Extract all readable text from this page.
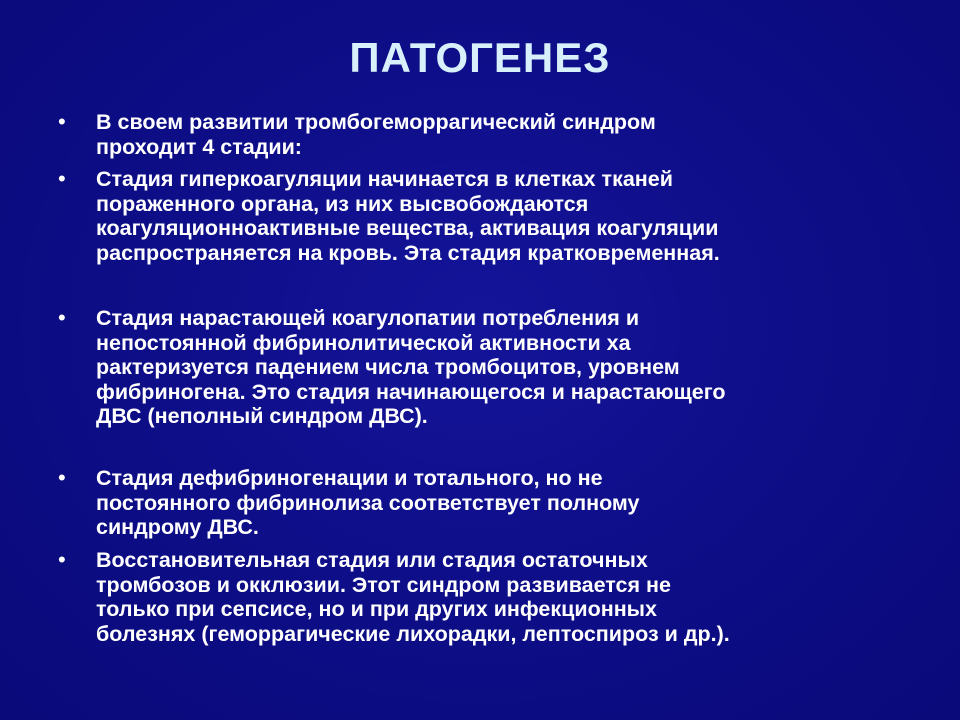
ПАТОГЕНЕЗ
• В своем развитии тромбогеморрагический синдром
проходит 4 стадии:
• Стадия гиперкоагуляции начинается в клетках тканей
пораженного органа, из них высвобождаются
коагуляционноактивные вещества, активация коагуляции
распространяется на кровь. Эта стадия кратковременная.
• Стадия нарастающей коагулопатии потребления и
непостоянной фибринолитической активности ха
рактеризуется падением числа тромбоцитов, уровнем
фибриногена. Это стадия начинающегося и нарастающего
ДВС (неполный синдром ДВС).
• Стадия дефибриногенации и тотального, но не
постоянного фибринолиза соответствует полному
синдрому ДВС.
• Восстановительная стадия или стадия остаточных
тромбозов и окклюзии. Этот синдром развивается не
только при сепсисе, но и при других инфекционных
болезнях (геморрагические лихорадки, лептоспироз и др.).
